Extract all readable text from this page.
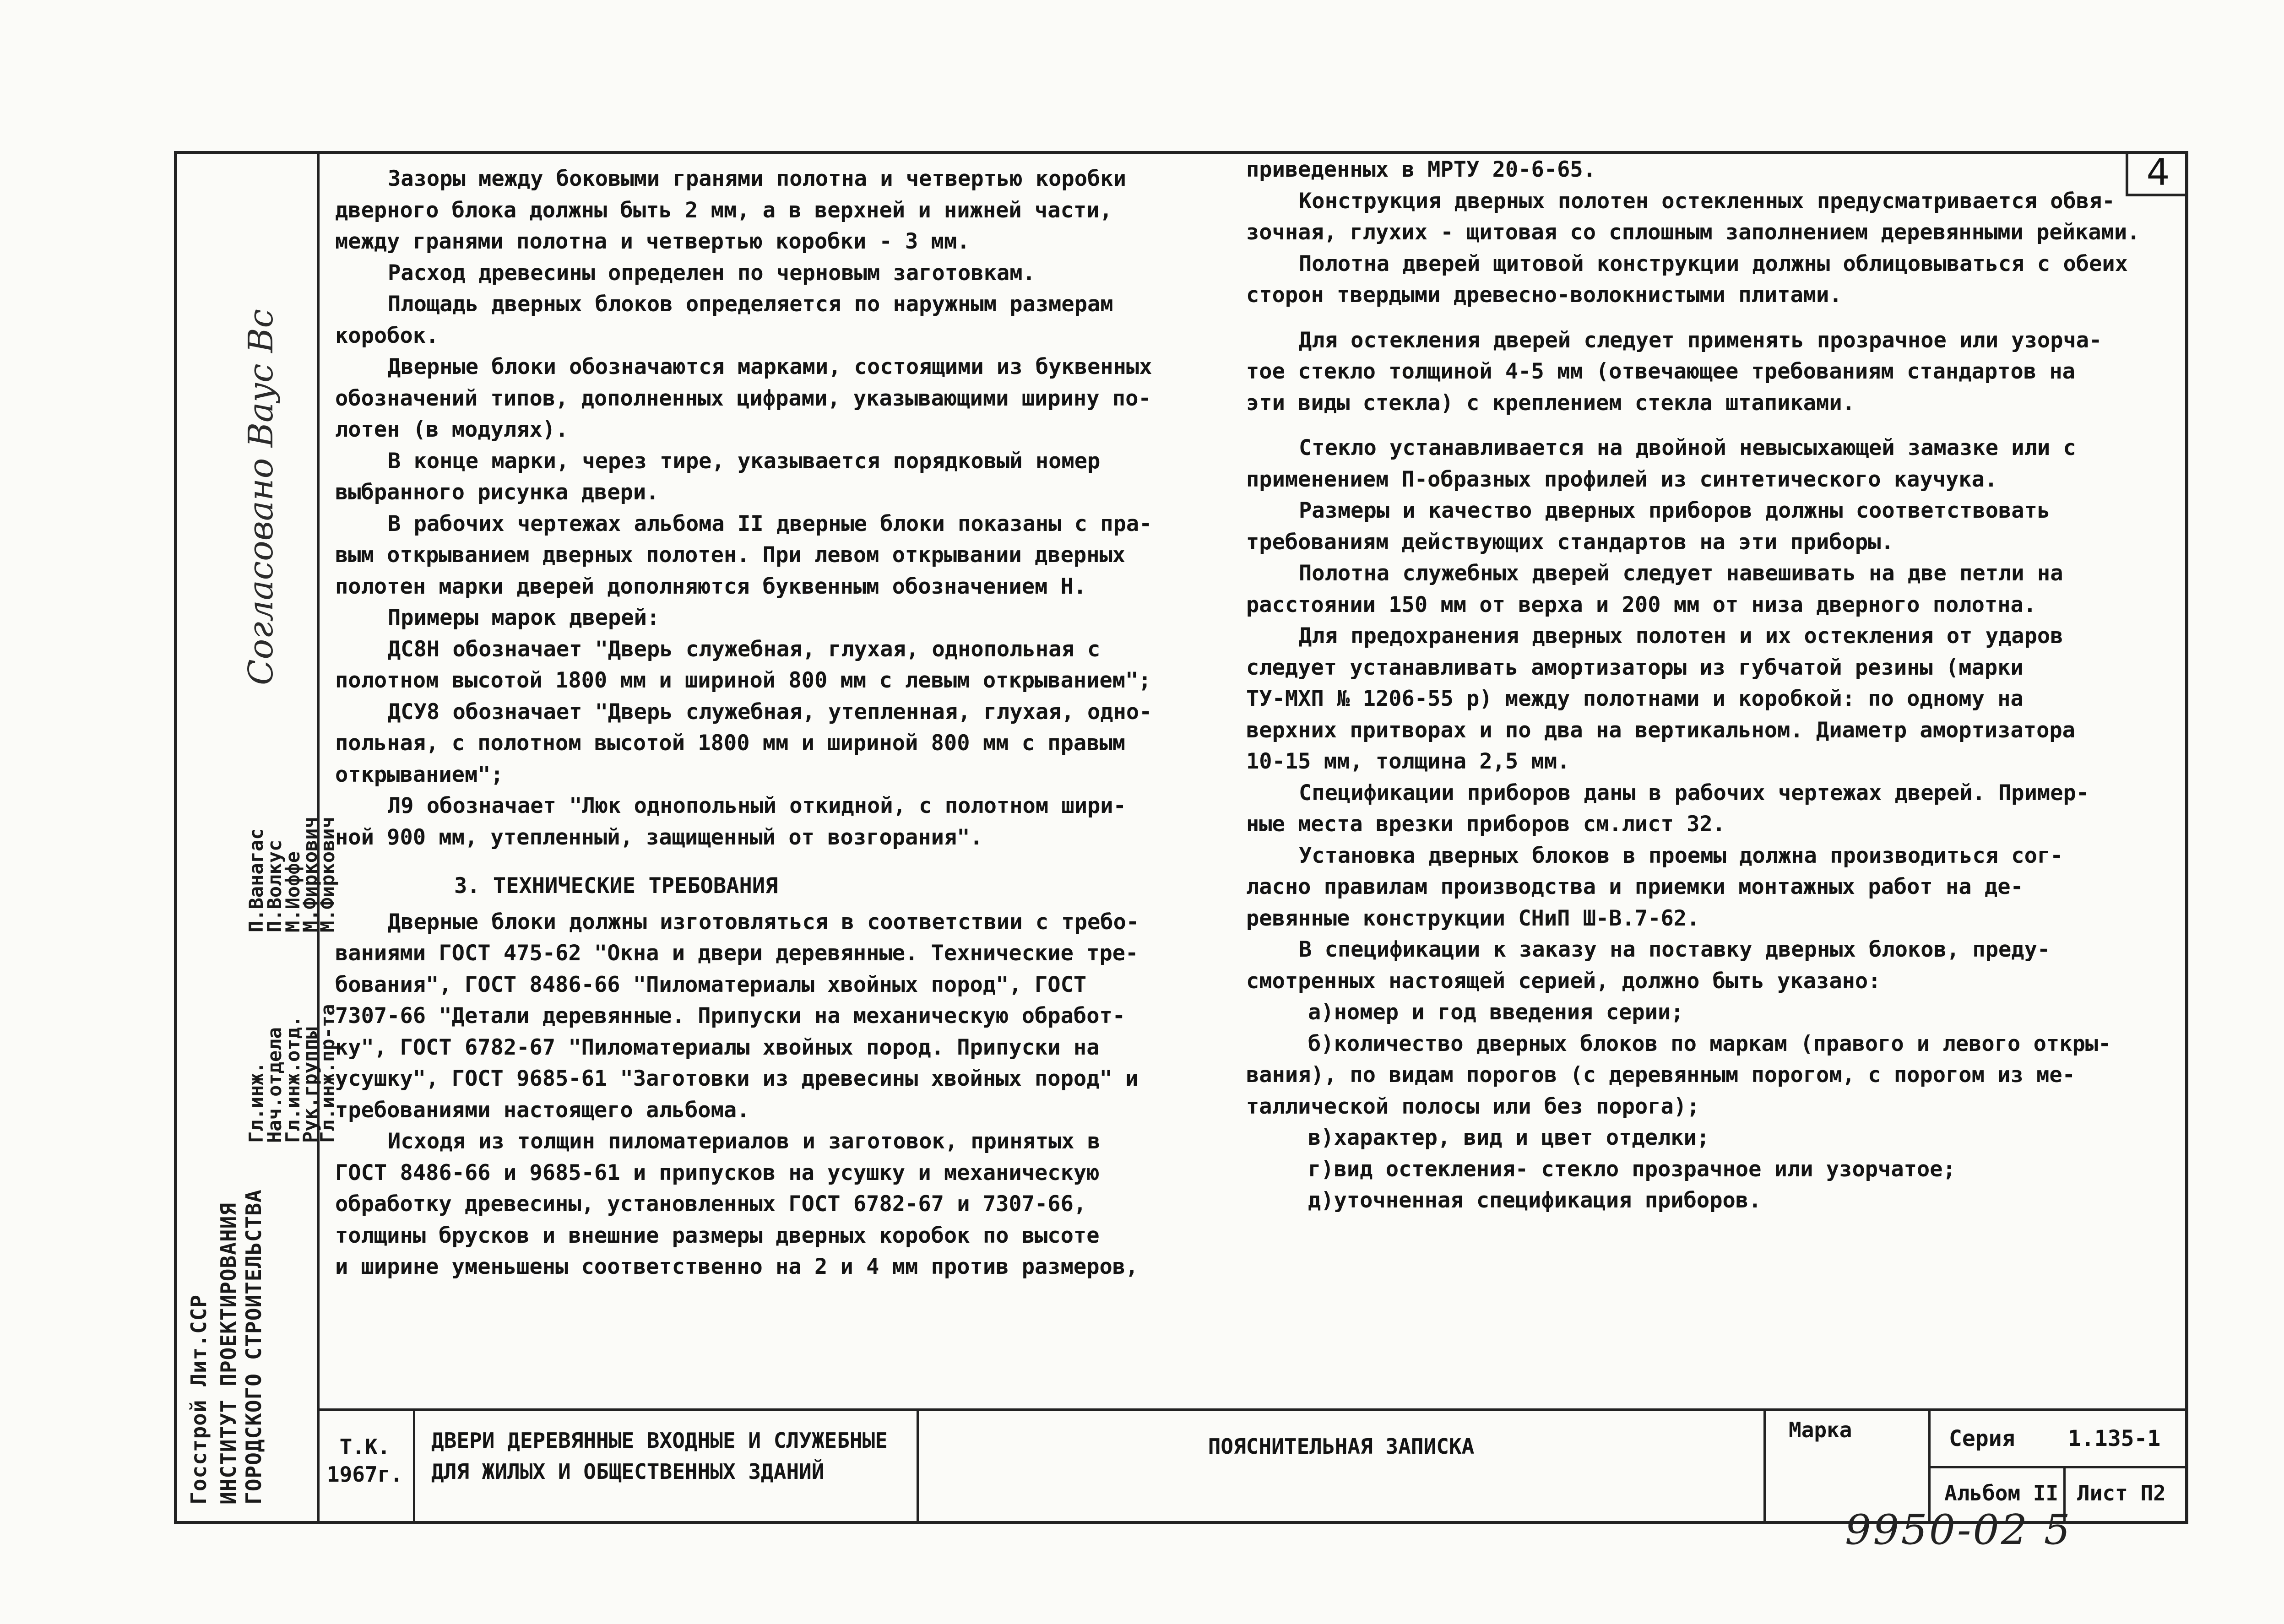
Госстрой Лит.ССР ИНСТИТУТ ПРОЕКТИРОВАНИЯ ГОРОДСКОГО СТРОИТЕЛЬСТВА
Гл.инж.
Нач.отдела
Гл.инж.отд.
Рук.группы
Гл.инж.пр-та
П.Ванагас
П.Волкус
М.Иоффе
М.Фиркович
М.Фиркович
Согласовано Ваус Вс
4

Зазоры между боковыми гранями полотна и четвертью коробки

дверного блока должны быть 2 мм, а в верхней и нижней части,

между гранями полотна и четвертью коробки - 3 мм.

Расход древесины определен по черновым заготовкам.

Площадь дверных блоков определяется по наружным размерам

коробок.

Дверные блоки обозначаются марками, состоящими из буквенных

обозначений типов, дополненных цифрами, указывающими ширину по-

лотен (в модулях).

В конце марки, через тире, указывается порядковый номер

выбранного рисунка двери.

В рабочих чертежах альбома II дверные блоки показаны с пра-

вым открыванием дверных полотен. При левом открывании дверных

полотен марки дверей дополняются буквенным обозначением Н.

Примеры марок дверей:

ДС8Н обозначает "Дверь служебная, глухая, однопольная с

полотном высотой 1800 мм и шириной 800 мм с левым открыванием";

ДСУ8 обозначает "Дверь служебная, утепленная, глухая, одно-

польная, с полотном высотой 1800 мм и шириной 800 мм с правым

открыванием";

Л9 обозначает "Люк однопольный откидной, с полотном шири-

ной 900 мм, утепленный, защищенный от возгорания".

3. ТЕХНИЧЕСКИЕ ТРЕБОВАНИЯ

Дверные блоки должны изготовляться в соответствии с требо-

ваниями ГОСТ 475-62 "Окна и двери деревянные. Технические тре-

бования", ГОСТ 8486-66 "Пиломатериалы хвойных пород", ГОСТ

7307-66 "Детали деревянные. Припуски на механическую обработ-

ку", ГОСТ 6782-67 "Пиломатериалы хвойных пород. Припуски на

усушку", ГОСТ 9685-61 "Заготовки из древесины хвойных пород" и

требованиями настоящего альбома.

Исходя из толщин пиломатериалов и заготовок, принятых в

ГОСТ 8486-66 и 9685-61 и припусков на усушку и механическую

обработку древесины, установленных ГОСТ 6782-67 и 7307-66,

толщины брусков и внешние размеры дверных коробок по высоте

и ширине уменьшены соответственно на 2 и 4 мм против размеров,

приведенных в МРТУ 20-6-65.

Конструкция дверных полотен остекленных предусматривается обвя-

зочная, глухих - щитовая со сплошным заполнением деревянными рейками.

Полотна дверей щитовой конструкции должны облицовываться с обеих

сторон твердыми древесно-волокнистыми плитами.

Для остекления дверей следует применять прозрачное или узорча-

тое стекло толщиной 4-5 мм (отвечающее требованиям стандартов на

эти виды стекла) с креплением стекла штапиками.

Стекло устанавливается на двойной невысыхающей замазке или с

применением П-образных профилей из синтетического каучука.

Размеры и качество дверных приборов должны соответствовать

требованиям действующих стандартов на эти приборы.

Полотна служебных дверей следует навешивать на две петли на

расстоянии 150 мм от верха и 200 мм от низа дверного полотна.

Для предохранения дверных полотен и их остекления от ударов

следует устанавливать амортизаторы из губчатой резины (марки

ТУ-МХП № 1206-55 р) между полотнами и коробкой: по одному на

верхних притворах и по два на вертикальном. Диаметр амортизатора

10-15 мм, толщина 2,5 мм.

Спецификации приборов даны в рабочих чертежах дверей. Пример-

ные места врезки приборов см.лист 32.

Установка дверных блоков в проемы должна производиться сог-

ласно правилам производства и приемки монтажных работ на де-

ревянные конструкции СНиП Ш-В.7-62.

В спецификации к заказу на поставку дверных блоков, преду-

смотренных настоящей серией, должно быть указано:

а)номер и год введения серии;

б)количество дверных блоков по маркам (правого и левого откры-

вания), по видам порогов (с деревянным порогом, с порогом из ме-

таллической полосы или без порога);

в)характер, вид и цвет отделки;

г)вид остекления- стекло прозрачное или узорчатое;

д)уточненная спецификация приборов.

Т.К.
1967г.
ДВЕРИ ДЕРЕВЯННЫЕ ВХОДНЫЕ И СЛУЖЕБНЫЕ
ДЛЯ ЖИЛЫХ И ОБЩЕСТВЕННЫХ ЗДАНИЙ
ПОЯСНИТЕЛЬНАЯ ЗАПИСКА
Марка	Серия 1.135-1
Альбом II Лист П2
9950-02 5
